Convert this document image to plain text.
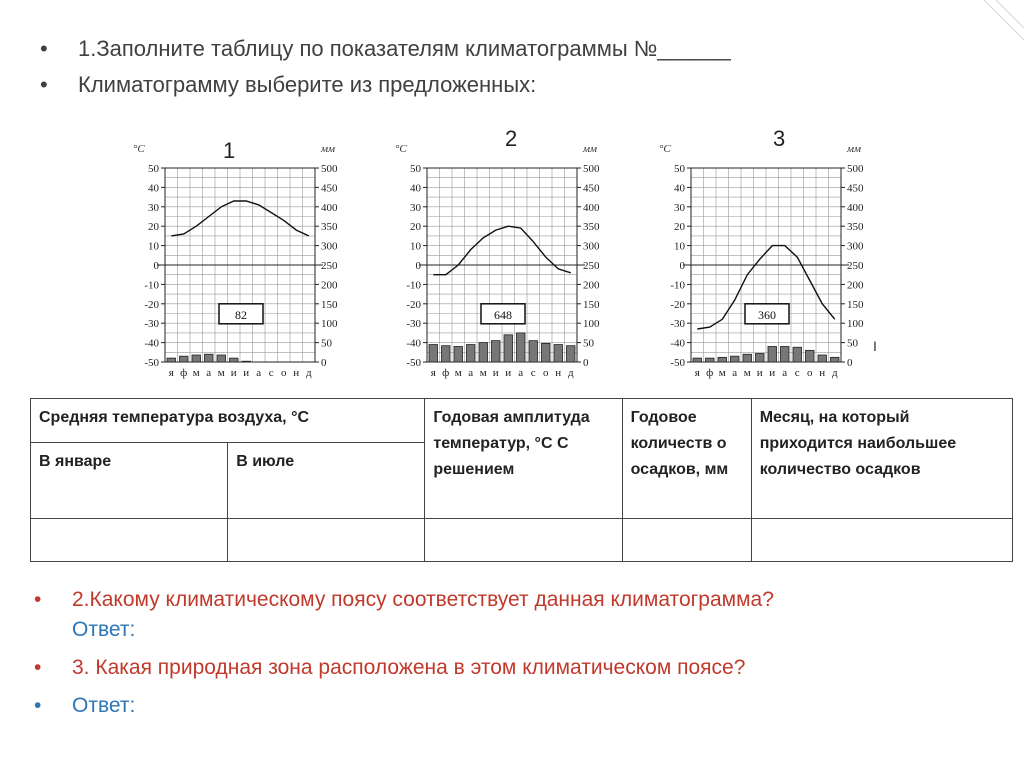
• 1.Заполните таблицу по показателям климатограммы №______
• Климатограмму выберите из предложенных:
1
°C	мм
50
40
30
20
10
0
-10
-20
-30
-40
-50
500
450
400
350
300
250
200
150
100
50
0
я ф м а м и и а с о н д
82
2
°C	мм
50
40
30
20
10
0
-10
-20
-30
-40
-50
500
450
400
350
300
250
200
150
100
50
0
я ф м а м и и а с о н д
648
3
°C	мм
50
40
30
20
10
0
-10
-20
-30
-40
-50
500
450
400
350
300
250
200
150
100
50
0
я ф м а м и и а с о н д
360
I
Средняя температура воздуха, °С		Годовая амплитуда температур, °С С решением	Годовое количеств о осадков, мм	Месяц, на который приходится наибольшее количество осадков
В январе	В июле			

• 2.Какому климатическому поясу соответствует данная климатограмма?
Ответ:
• 3. Какая природная зона расположена в этом климатическом поясе?
• Ответ:
